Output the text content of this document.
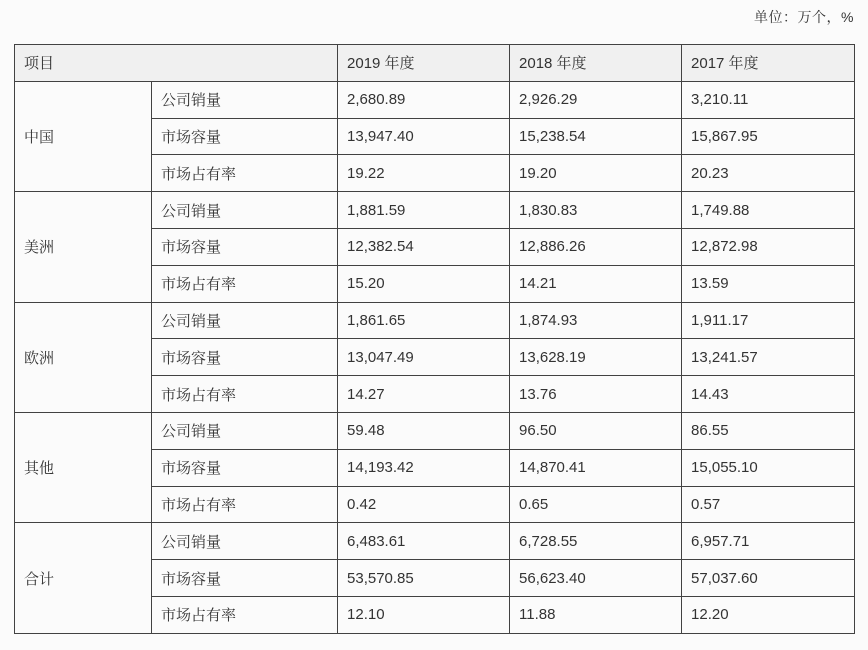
单位：万个，%
项目		2019 年度	2018 年度	2017 年度
中国	公司销量	2,680.89	2,926.29	3,210.11
	市场容量	13,947.40	15,238.54	15,867.95
	市场占有率	19.22	19.20	20.23
美洲	公司销量	1,881.59	1,830.83	1,749.88
	市场容量	12,382.54	12,886.26	12,872.98
	市场占有率	15.20	14.21	13.59
欧洲	公司销量	1,861.65	1,874.93	1,911.17
	市场容量	13,047.49	13,628.19	13,241.57
	市场占有率	14.27	13.76	14.43
其他	公司销量	59.48	96.50	86.55
	市场容量	14,193.42	14,870.41	15,055.10
	市场占有率	0.42	0.65	0.57
合计	公司销量	6,483.61	6,728.55	6,957.71
	市场容量	53,570.85	56,623.40	57,037.60
	市场占有率	12.10	11.88	12.20
